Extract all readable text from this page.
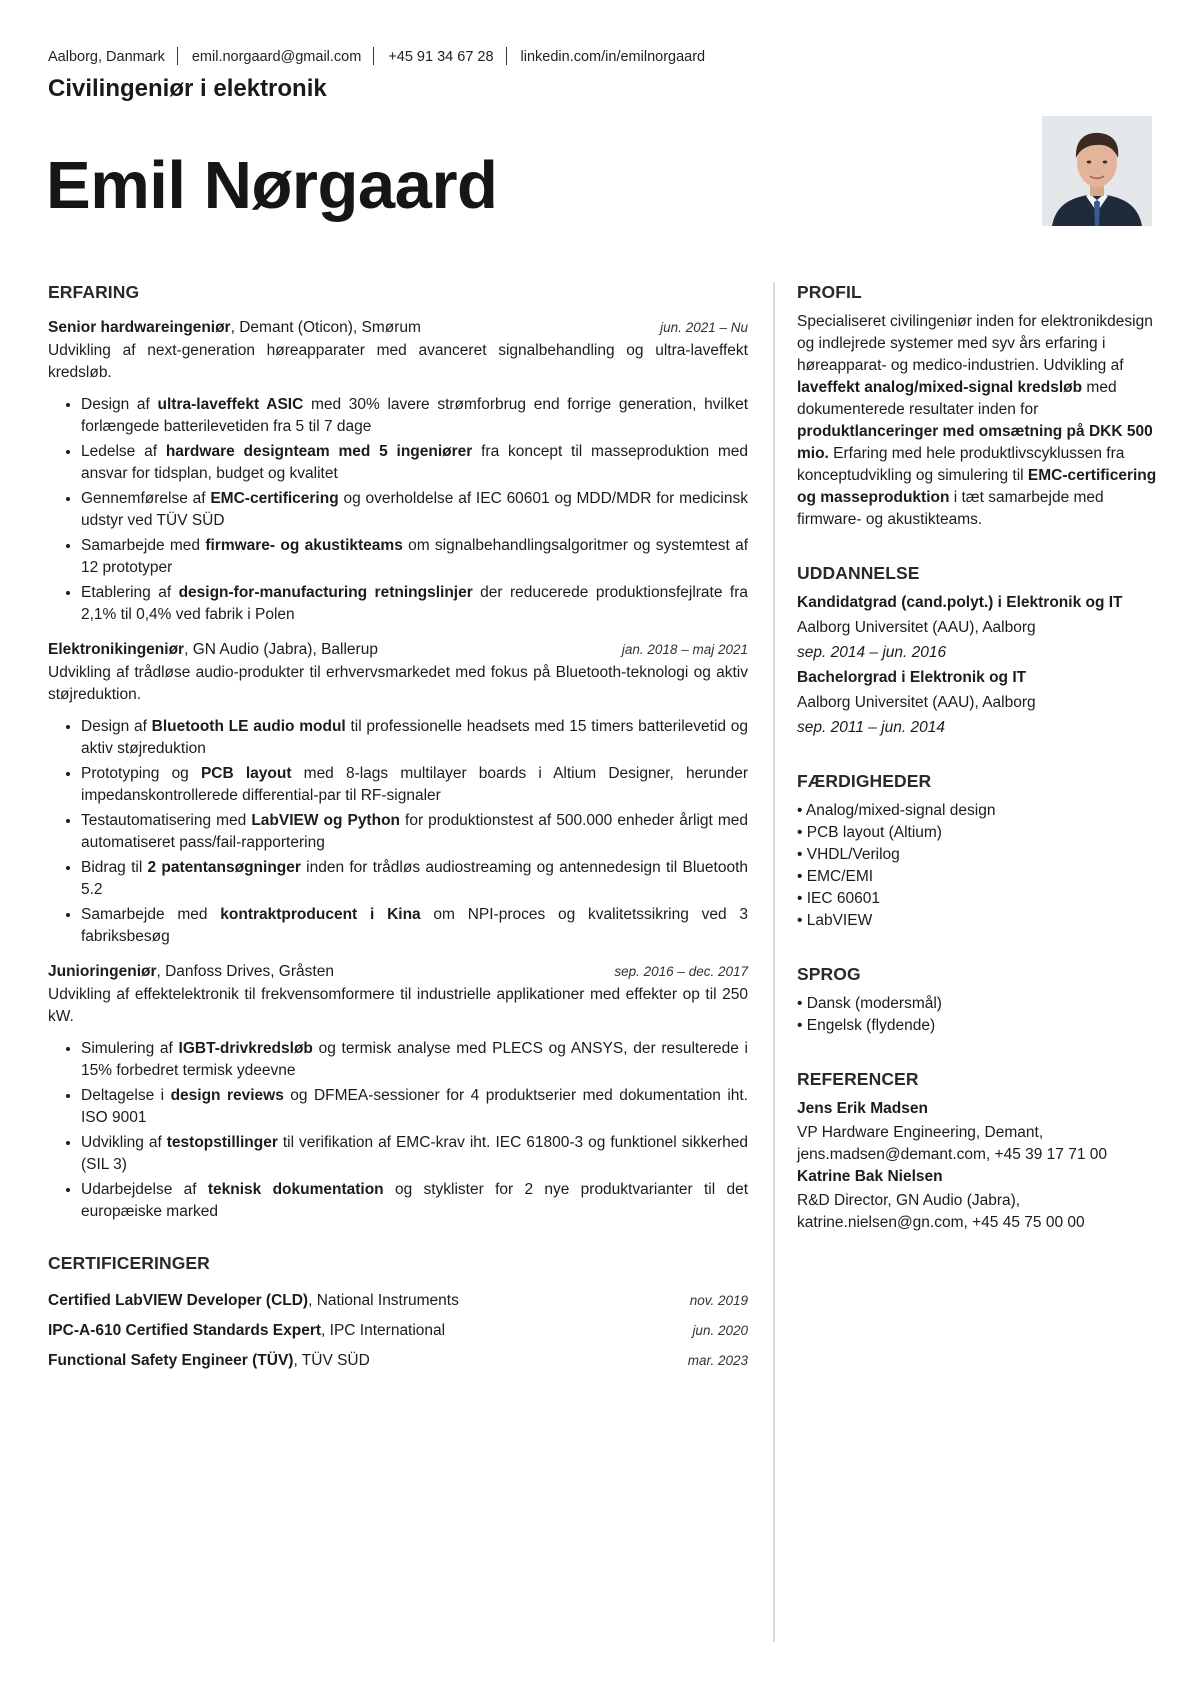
Aalborg, Danmark emil.norgaard@gmail.com +45 91 34 67 28 linkedin.com/in/emilnorgaard
Civilingeniør i elektronik
Emil Nørgaard
ERFARING
Senior hardwareingeniør, Demant (Oticon), Smørum	jun. 2021 – Nu
Udvikling af next-generation høreapparater med avanceret signalbehandling og ultra-laveffekt kredsløb.
• Design af ultra-laveffekt ASIC med 30% lavere strømforbrug end forrige generation, hvilket forlængede batterilevetiden fra 5 til 7 dage
• Ledelse af hardware designteam med 5 ingeniører fra koncept til masseproduktion med ansvar for tidsplan, budget og kvalitet
• Gennemførelse af EMC-certificering og overholdelse af IEC 60601 og MDD/MDR for medicinsk udstyr ved TÜV SÜD
• Samarbejde med firmware- og akustikteams om signalbehandlingsalgoritmer og systemtest af 12 prototyper
• Etablering af design-for-manufacturing retningslinjer der reducerede produktionsfejlrate fra 2,1% til 0,4% ved fabrik i Polen
Elektronikingeniør, GN Audio (Jabra), Ballerup	jan. 2018 – maj 2021
Udvikling af trådløse audio-produkter til erhvervsmarkedet med fokus på Bluetooth-teknologi og aktiv støjreduktion.
• Design af Bluetooth LE audio modul til professionelle headsets med 15 timers batterilevetid og aktiv støjreduktion
• Prototyping og PCB layout med 8-lags multilayer boards i Altium Designer, herunder impedanskontrollerede differential-par til RF-signaler
• Testautomatisering med LabVIEW og Python for produktionstest af 500.000 enheder årligt med automatiseret pass/fail-rapportering
• Bidrag til 2 patentansøgninger inden for trådløs audiostreaming og antennedesign til Bluetooth 5.2
• Samarbejde med kontraktproducent i Kina om NPI-proces og kvalitetssikring ved 3 fabriksbesøg
Junioringeniør, Danfoss Drives, Gråsten	sep. 2016 – dec. 2017
Udvikling af effektelektronik til frekvensomformere til industrielle applikationer med effekter op til 250 kW.
• Simulering af IGBT-drivkredsløb og termisk analyse med PLECS og ANSYS, der resulterede i 15% forbedret termisk ydeevne
• Deltagelse i design reviews og DFMEA-sessioner for 4 produktserier med dokumentation iht. ISO 9001
• Udvikling af testopstillinger til verifikation af EMC-krav iht. IEC 61800-3 og funktionel sikkerhed (SIL 3)
• Udarbejdelse af teknisk dokumentation og styklister for 2 nye produktvarianter til det europæiske marked
CERTIFICERINGER
Certified LabVIEW Developer (CLD), National Instruments	nov. 2019
IPC-A-610 Certified Standards Expert, IPC International	jun. 2020
Functional Safety Engineer (TÜV), TÜV SÜD	mar. 2023
PROFIL
Specialiseret civilingeniør inden for elektronikdesign og indlejrede systemer med syv års erfaring i høreapparat- og medico-industrien. Udvikling af laveffekt analog/mixed-signal kredsløb med dokumenterede resultater inden for produktlanceringer med omsætning på DKK 500 mio. Erfaring med hele produktlivscyklussen fra konceptudvikling og simulering til EMC-certificering og masseproduktion i tæt samarbejde med firmware- og akustikteams.
UDDANNELSE
Kandidatgrad (cand.polyt.) i Elektronik og IT
Aalborg Universitet (AAU), Aalborg
sep. 2014 – jun. 2016
Bachelorgrad i Elektronik og IT
Aalborg Universitet (AAU), Aalborg
sep. 2011 – jun. 2014
FÆRDIGHEDER
• Analog/mixed-signal design
• PCB layout (Altium)
• VHDL/Verilog
• EMC/EMI
• IEC 60601
• LabVIEW
SPROG
• Dansk (modersmål)
• Engelsk (flydende)
REFERENCER
Jens Erik Madsen
VP Hardware Engineering, Demant,
jens.madsen@demant.com, +45 39 17 71 00
Katrine Bak Nielsen
R&D Director, GN Audio (Jabra),
katrine.nielsen@gn.com, +45 45 75 00 00
